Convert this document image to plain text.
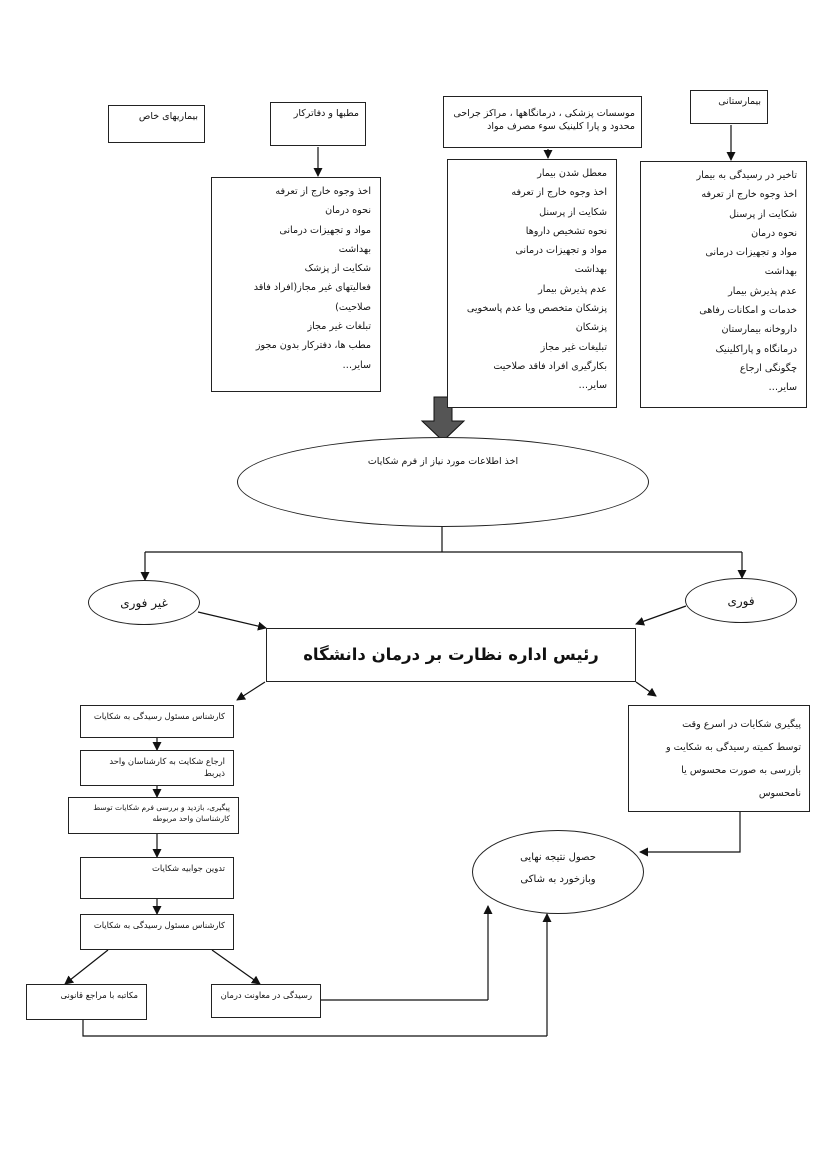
بیماریهای خاص	مطبها و دفاترکار	موسسات پزشکی ، درمانگاهها ، مراکز جراحی
محدود و پارا کلینیک سوء مصرف مواد
بیمارستانی
اخذ وجوه خارج از تعرفه
نحوه درمان
مواد و تجهیزات درمانی
بهداشت
شکایت از پزشک
فعالیتهای غیر مجاز(افراد فاقد
صلاحیت)
تبلغات غیر مجاز
مطب ها، دفترکار بدون مجوز
سایر…
معطل شدن بیمار
اخذ وجوه خارج از تعرفه
شکایت از پرسنل
نحوه تشخیص داروها
مواد و تجهیزات درمانی
بهداشت
عدم پذیرش بیمار
پزشکان متخصص ویا عدم پاسخویی
پزشکان
تبلیغات غیر مجاز
بکارگیری افراد فاقد صلاحیت
سایر…
تاخیر در رسیدگی به بیمار
اخذ وجوه خارج از تعرفه
شکایت از پرسنل
نحوه درمان
مواد و تجهیزات درمانی
بهداشت
عدم پذیرش بیمار
خدمات و امکانات رفاهی
داروخانه بیمارستان
درمانگاه و پاراکلینیک
چگونگی ارجاع
سایر…
اخذ اطلاعات مورد نیاز از فرم شکایات
غیر فوری	فوری
رئیس اداره نظارت بر درمان دانشگاه
کارشناس مسئول رسیدگی به شکایات
ارجاع شکایت به کارشناسان واحد ذیربط
پیگیری، بازدید و بررسی فرم شکایات توسط کارشناسان واحد مربوطه
تدوین جوابیه شکایات
کارشناس مسئول رسیدگی به شکایات
مکاتبه با مراجع قانونی	رسیدگی در معاونت درمان
پیگیری شکایات در اسرع وقت
توسط کمیته رسیدگی به شکایت و
بازرسی به صورت محسوس یا
نامحسوس
حصول نتیجه نهایی
وبازخورد به شاکی
